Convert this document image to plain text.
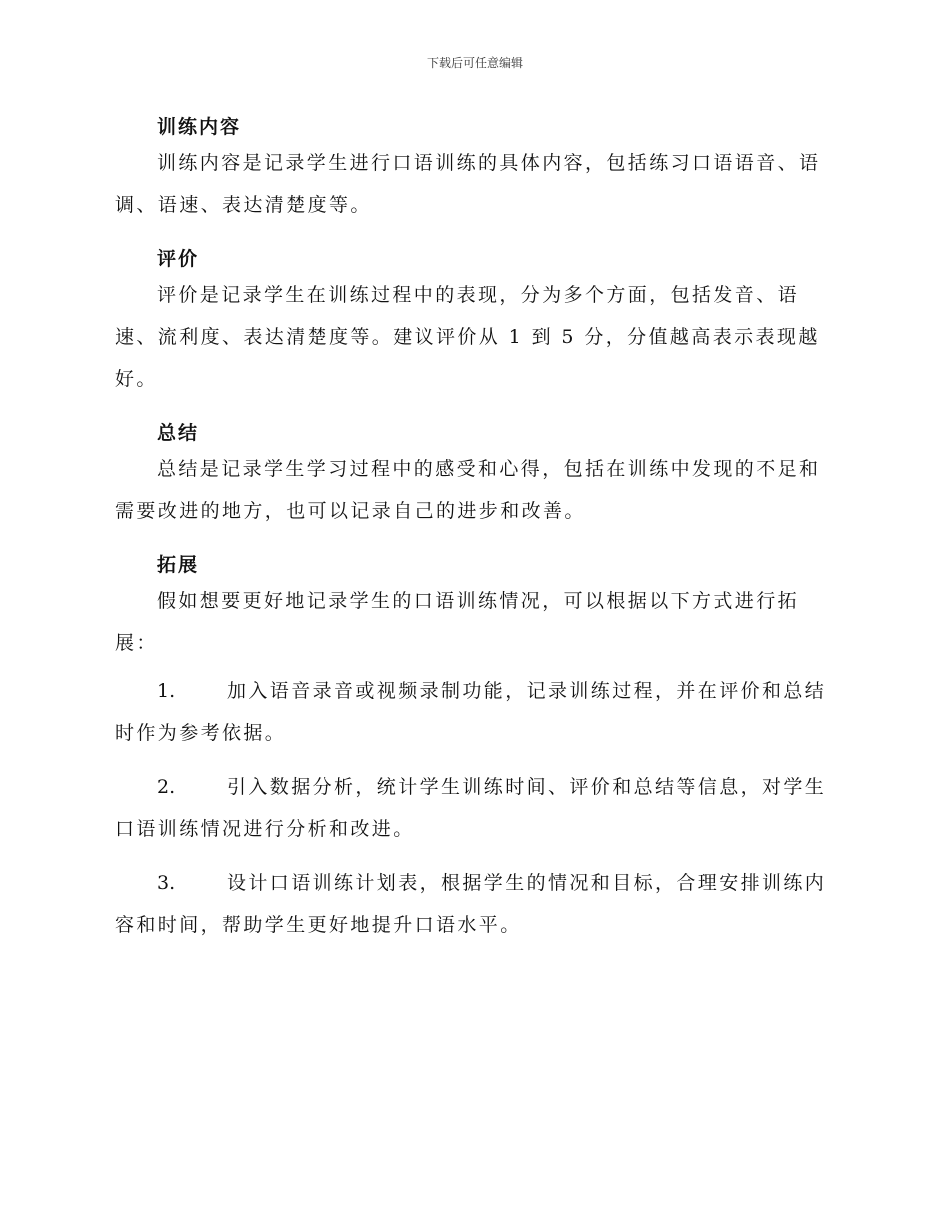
下载后可任意编辑
训练内容

训练内容是记录学生进行口语训练的具体内容，包括练习口语语音、语调、语速、表达清楚度等。

评价

评价是记录学生在训练过程中的表现，分为多个方面，包括发音、语速、流利度、表达清楚度等。建议评价从 1 到 5 分，分值越高表示表现越好。

总结

总结是记录学生学习过程中的感受和心得，包括在训练中发现的不足和需要改进的地方，也可以记录自己的进步和改善。

拓展

假如想要更好地记录学生的口语训练情况，可以根据以下方式进行拓展：

1.	加入语音录音或视频录制功能，记录训练过程，并在评价和总结时作为参考依据。

2.	引入数据分析，统计学生训练时间、评价和总结等信息，对学生口语训练情况进行分析和改进。

3.	设计口语训练计划表，根据学生的情况和目标，合理安排训练内容和时间，帮助学生更好地提升口语水平。
